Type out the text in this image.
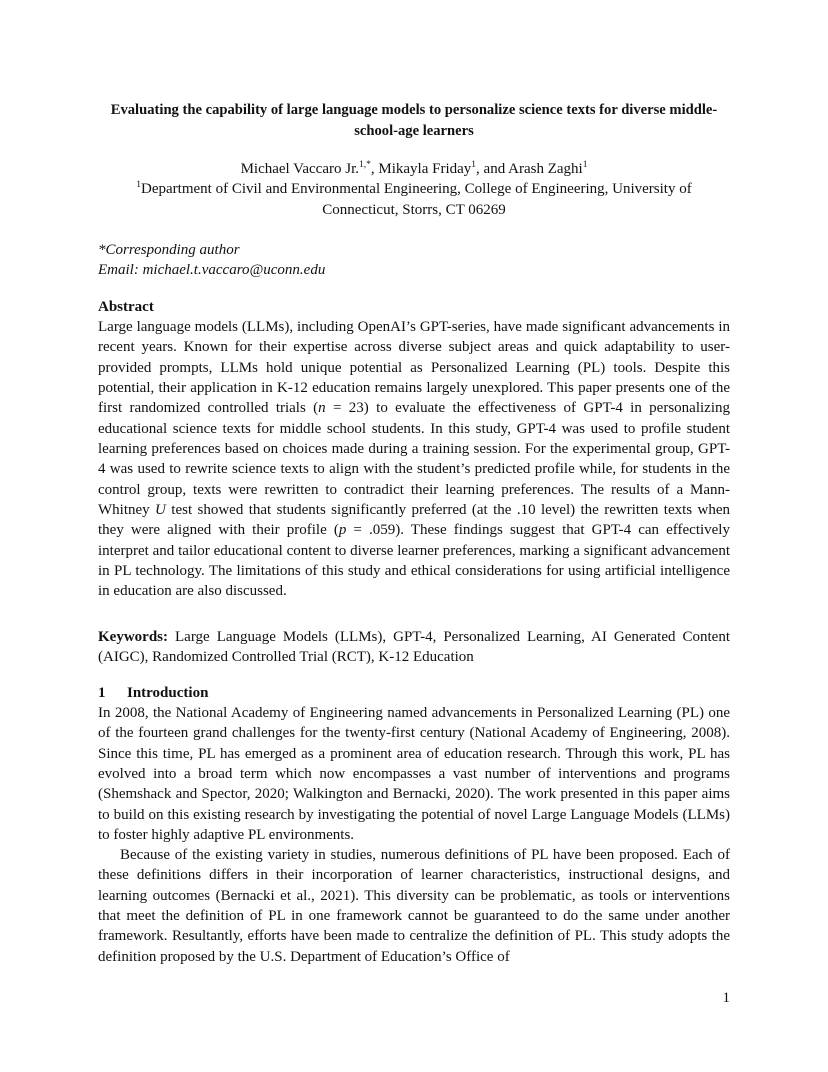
Evaluating the capability of large language models to personalize science texts for diverse middle-school-age learners
Michael Vaccaro Jr.$^{1,*}$, Mikayla Friday$^1$, and Arash Zaghi$^1$
$^1$Department of Civil and Environmental Engineering, College of Engineering, University of Connecticut, Storrs, CT 06269
*Corresponding author
Email: michael.t.vaccaro@uconn.edu
Abstract

Large language models (LLMs), including OpenAI’s GPT-series, have made significant advancements in recent years. Known for their expertise across diverse subject areas and quick adaptability to user-provided prompts, LLMs hold unique potential as Personalized Learning (PL) tools. Despite this potential, their application in K-12 education remains largely unexplored. This paper presents one of the first randomized controlled trials (n = 23) to evaluate the effectiveness of GPT-4 in personalizing educational science texts for middle school students. In this study, GPT-4 was used to profile student learning preferences based on choices made during a training session. For the experimental group, GPT-4 was used to rewrite science texts to align with the student’s predicted profile while, for students in the control group, texts were rewritten to contradict their learning preferences. The results of a Mann-Whitney U test showed that students significantly preferred (at the .10 level) the rewritten texts when they were aligned with their profile (p = .059). These findings suggest that GPT-4 can effectively interpret and tailor educational content to diverse learner preferences, marking a significant advancement in PL technology. The limitations of this study and ethical considerations for using artificial intelligence in education are also discussed.

Keywords: Large Language Models (LLMs), GPT-4, Personalized Learning, AI Generated Content (AIGC), Randomized Controlled Trial (RCT), K-12 Education

1 Introduction

In 2008, the National Academy of Engineering named advancements in Personalized Learning (PL) one of the fourteen grand challenges for the twenty-first century (National Academy of Engineering, 2008). Since this time, PL has emerged as a prominent area of education research. Through this work, PL has evolved into a broad term which now encompasses a vast number of interventions and programs (Shemshack and Spector, 2020; Walkington and Bernacki, 2020). The work presented in this paper aims to build on this existing research by investigating the potential of novel Large Language Models (LLMs) to foster highly adaptive PL environments.

Because of the existing variety in studies, numerous definitions of PL have been proposed. Each of these definitions differs in their incorporation of learner characteristics, instructional designs, and learning outcomes (Bernacki et al., 2021). This diversity can be problematic, as tools or interventions that meet the definition of PL in one framework cannot be guaranteed to do the same under another framework. Resultantly, efforts have been made to centralize the definition of PL. This study adopts the definition proposed by the U.S. Department of Education’s Office of

1
